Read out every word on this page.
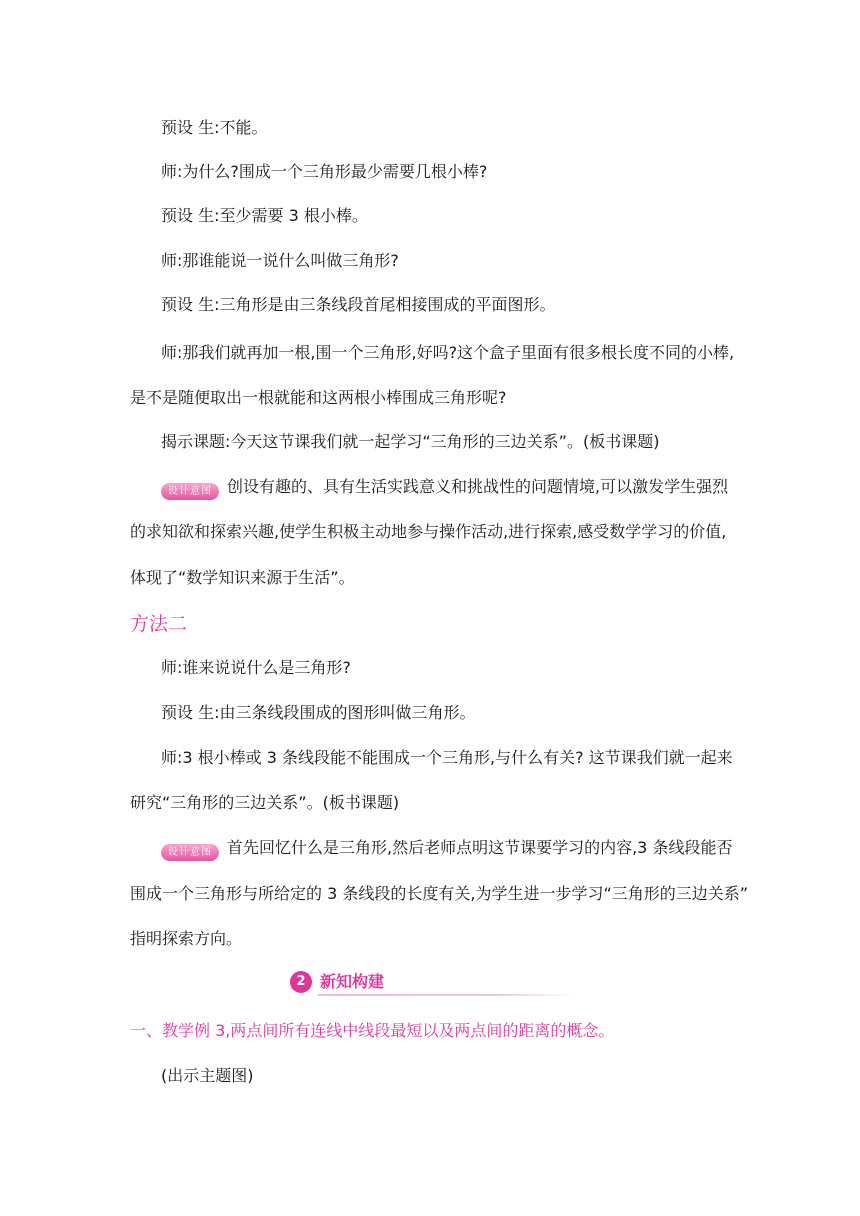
预设 生:不能。
师:为什么?围成一个三角形最少需要几根小棒?
预设 生:至少需要 3 根小棒。
师:那谁能说一说什么叫做三角形?
预设 生:三角形是由三条线段首尾相接围成的平面图形。
师:那我们就再加一根,围一个三角形,好吗?这个盒子里面有很多根长度不同的小棒,
是不是随便取出一根就能和这两根小棒围成三角形呢?
揭示课题:今天这节课我们就一起学习“三角形的三边关系”。(板书课题)
设计意图 创设有趣的、具有生活实践意义和挑战性的问题情境,可以激发学生强烈
的求知欲和探索兴趣,使学生积极主动地参与操作活动,进行探索,感受数学学习的价值,
体现了“数学知识来源于生活”。
方法二
师:谁来说说什么是三角形?
预设 生:由三条线段围成的图形叫做三角形。
师:3 根小棒或 3 条线段能不能围成一个三角形,与什么有关? 这节课我们就一起来
研究“三角形的三边关系”。(板书课题)
设计意图 首先回忆什么是三角形,然后老师点明这节课要学习的内容,3 条线段能否
围成一个三角形与所给定的 3 条线段的长度有关,为学生进一步学习“三角形的三边关系”
指明探索方向。
2 新知构建
一、教学例 3,两点间所有连线中线段最短以及两点间的距离的概念。
(出示主题图)
